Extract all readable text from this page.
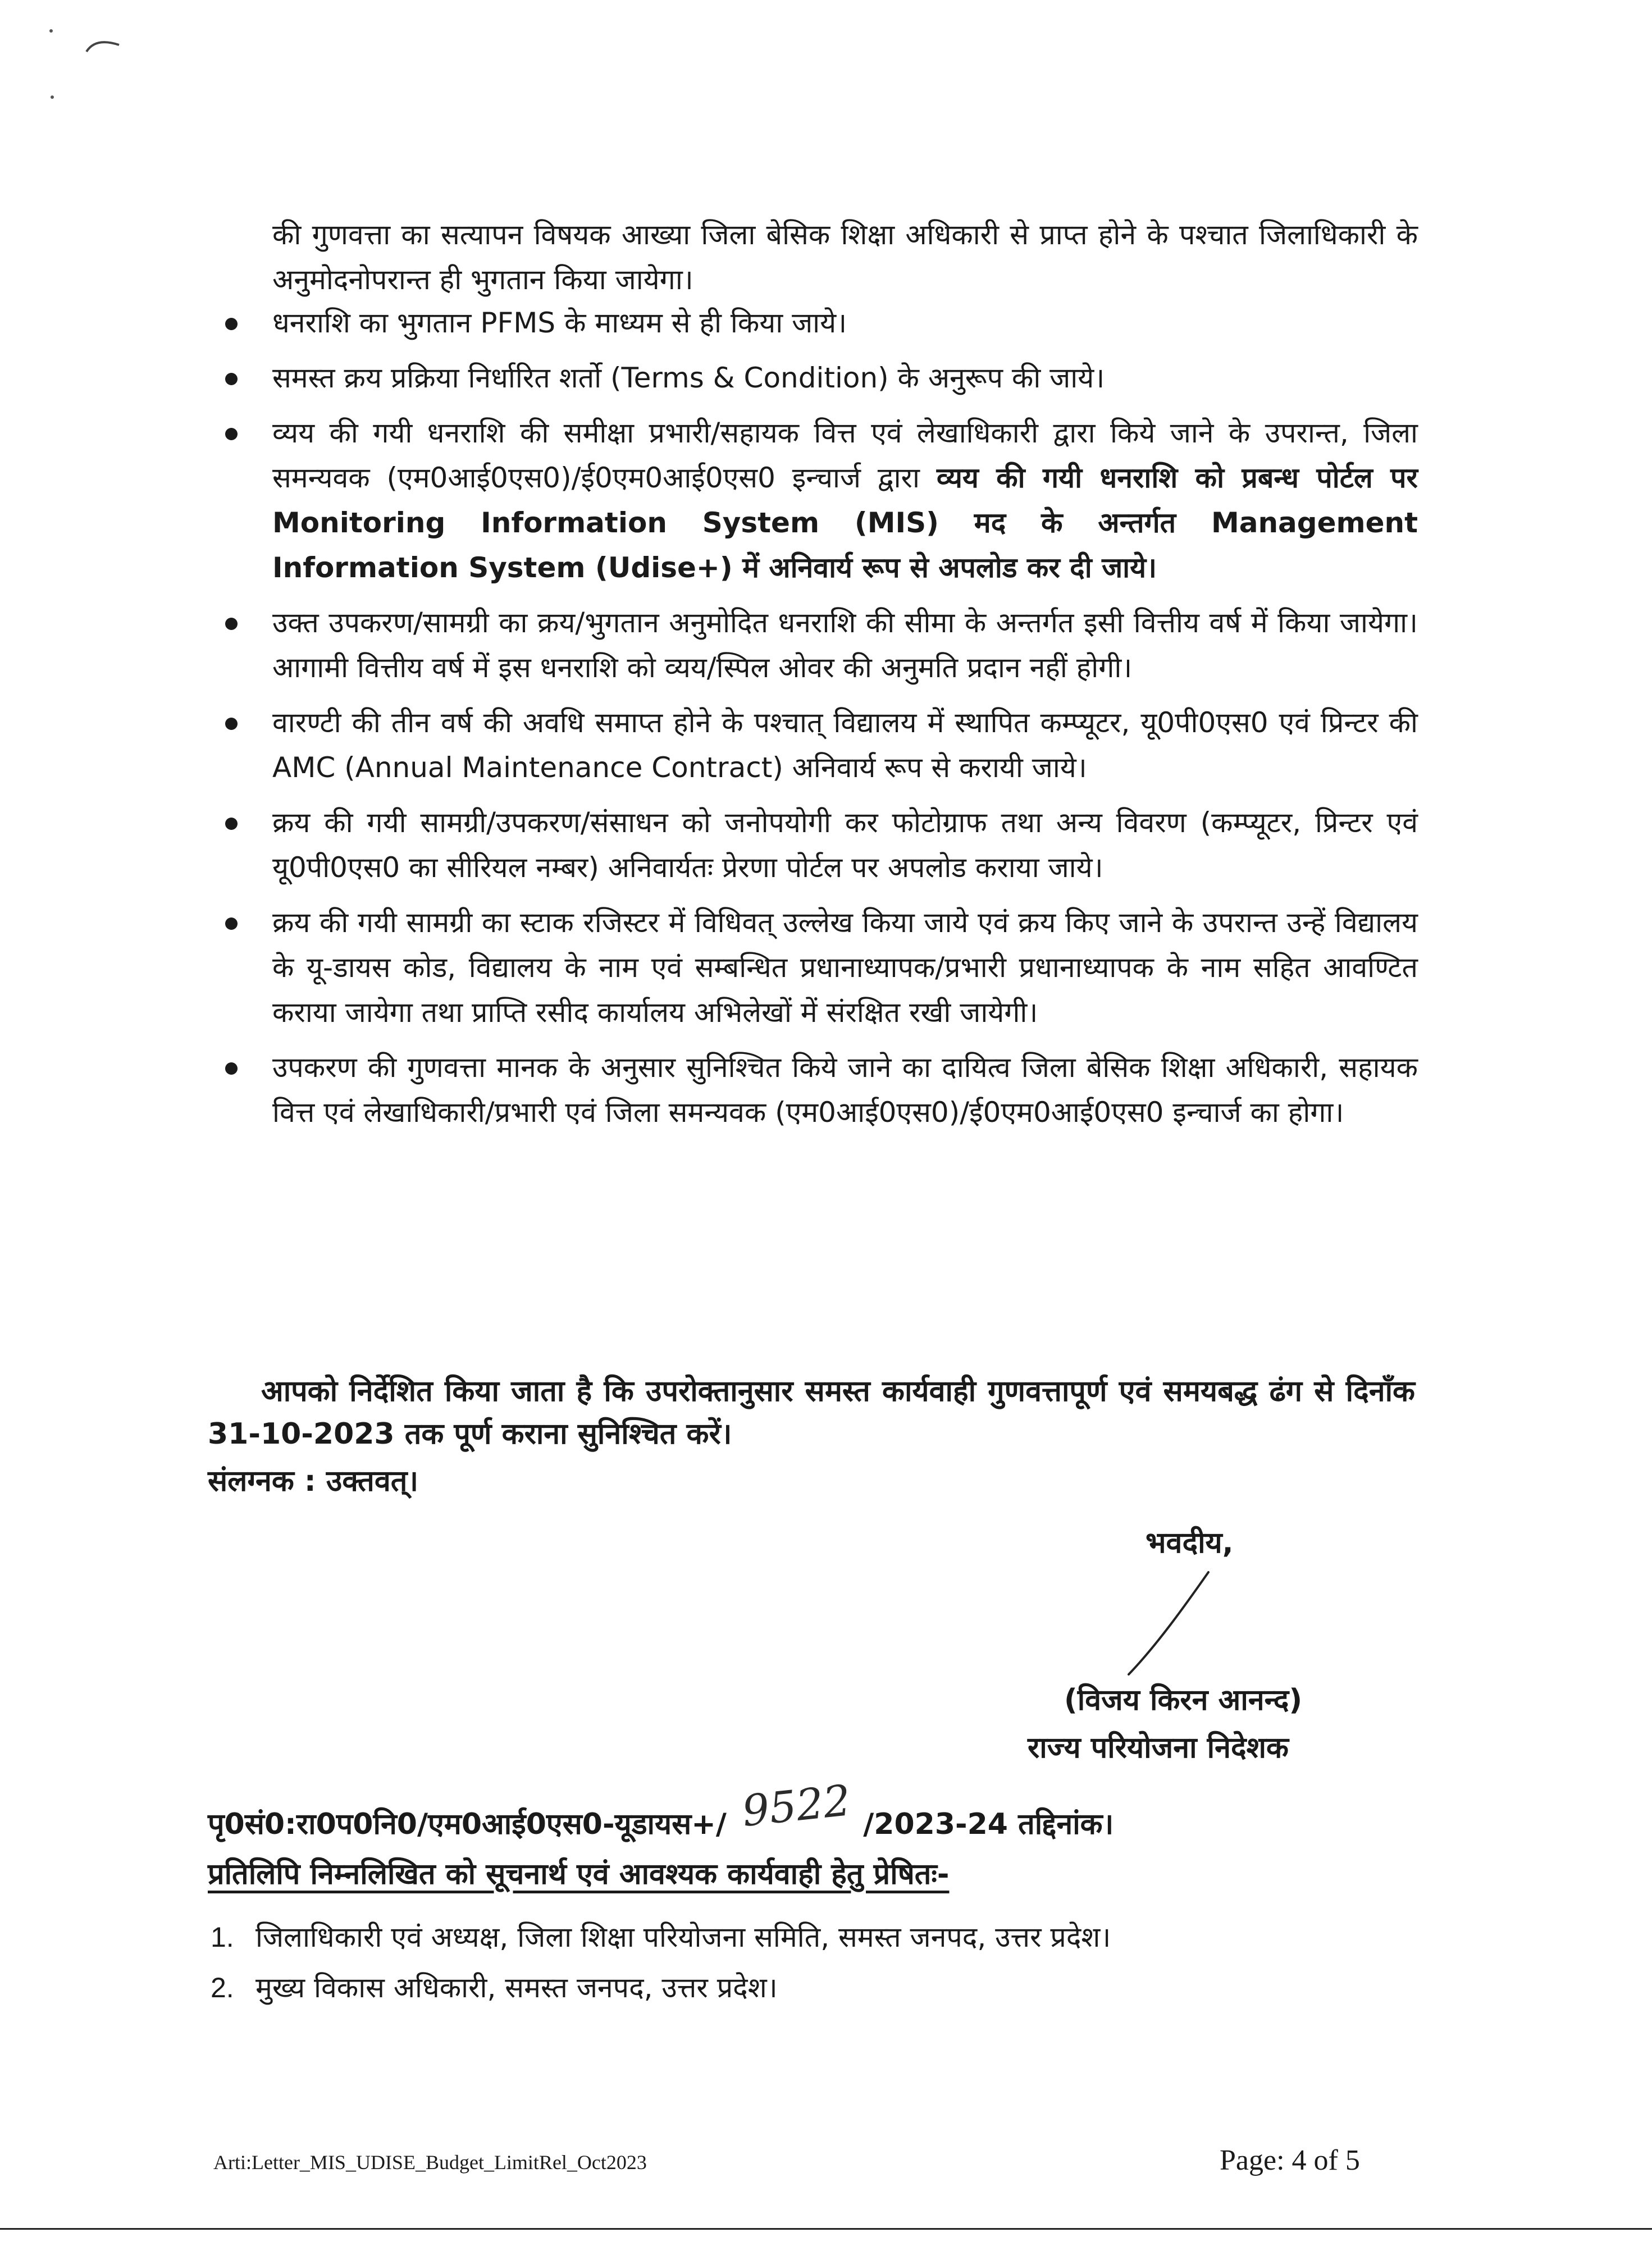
की गुणवत्ता का सत्यापन विषयक आख्या जिला बेसिक शिक्षा अधिकारी से प्राप्त होने के पश्चात जिलाधिकारी के अनुमोदनोपरान्त ही भुगतान किया जायेगा।
धनराशि का भुगतान PFMS के माध्यम से ही किया जाये।
समस्त क्रय प्रक्रिया निर्धारित शर्तो (Terms & Condition) के अनुरूप की जाये।
व्यय की गयी धनराशि की समीक्षा प्रभारी/सहायक वित्त एवं लेखाधिकारी द्वारा किये जाने के उपरान्त, जिला समन्यवक (एम0आई0एस0)/ई0एम0आई0एस0 इन्चार्ज द्वारा व्यय की गयी धनराशि को प्रबन्ध पोर्टल पर Monitoring Information System (MIS) मद के अन्तर्गत Management Information System (Udise+) में अनिवार्य रूप से अपलोड कर दी जाये।
उक्त उपकरण/सामग्री का क्रय/भुगतान अनुमोदित धनराशि की सीमा के अन्तर्गत इसी वित्तीय वर्ष में किया जायेगा। आगामी वित्तीय वर्ष में इस धनराशि को व्यय/स्पिल ओवर की अनुमति प्रदान नहीं होगी।
वारण्टी की तीन वर्ष की अवधि समाप्त होने के पश्चात् विद्यालय में स्थापित कम्प्यूटर, यू0पी0एस0 एवं प्रिन्टर की AMC (Annual Maintenance Contract) अनिवार्य रूप से करायी जाये।
क्रय की गयी सामग्री/उपकरण/संसाधन को जनोपयोगी कर फोटोग्राफ तथा अन्य विवरण (कम्प्यूटर, प्रिन्टर एवं यू0पी0एस0 का सीरियल नम्बर) अनिवार्यतः प्रेरणा पोर्टल पर अपलोड कराया जाये।
क्रय की गयी सामग्री का स्टाक रजिस्टर में विधिवत् उल्लेख किया जाये एवं क्रय किए जाने के उपरान्त उन्हें विद्यालय के यू-डायस कोड, विद्यालय के नाम एवं सम्बन्धित प्रधानाध्यापक/प्रभारी प्रधानाध्यापक के नाम सहित आवण्टित कराया जायेगा तथा प्राप्ति रसीद कार्यालय अभिलेखों में संरक्षित रखी जायेगी।
उपकरण की गुणवत्ता मानक के अनुसार सुनिश्चित किये जाने का दायित्व जिला बेसिक शिक्षा अधिकारी, सहायक वित्त एवं लेखाधिकारी/प्रभारी एवं जिला समन्यवक (एम0आई0एस0)/ई0एम0आई0एस0 इन्चार्ज का होगा।
आपको निर्देशित किया जाता है कि उपरोक्तानुसार समस्त कार्यवाही गुणवत्तापूर्ण एवं समयबद्ध ढंग से दिनाँक 31-10-2023 तक पूर्ण कराना सुनिश्चित करें।
संलग्नक : उक्तवत्।
भवदीय,
(विजय किरन आनन्द)
राज्य परियोजना निदेशक
पृ0सं0:रा0प0नि0/एम0आई0एस0-यूडायस+/ 9522 /2023-24 तद्दिनांक।
प्रतिलिपि निम्नलिखित को सूचनार्थ एवं आवश्यक कार्यवाही हेतु प्रेषितः-
1. जिलाधिकारी एवं अध्यक्ष, जिला शिक्षा परियोजना समिति, समस्त जनपद, उत्तर प्रदेश।
2. मुख्य विकास अधिकारी, समस्त जनपद, उत्तर प्रदेश।
Arti:Letter_MIS_UDISE_Budget_LimitRel_Oct2023	Page: 4 of 5
